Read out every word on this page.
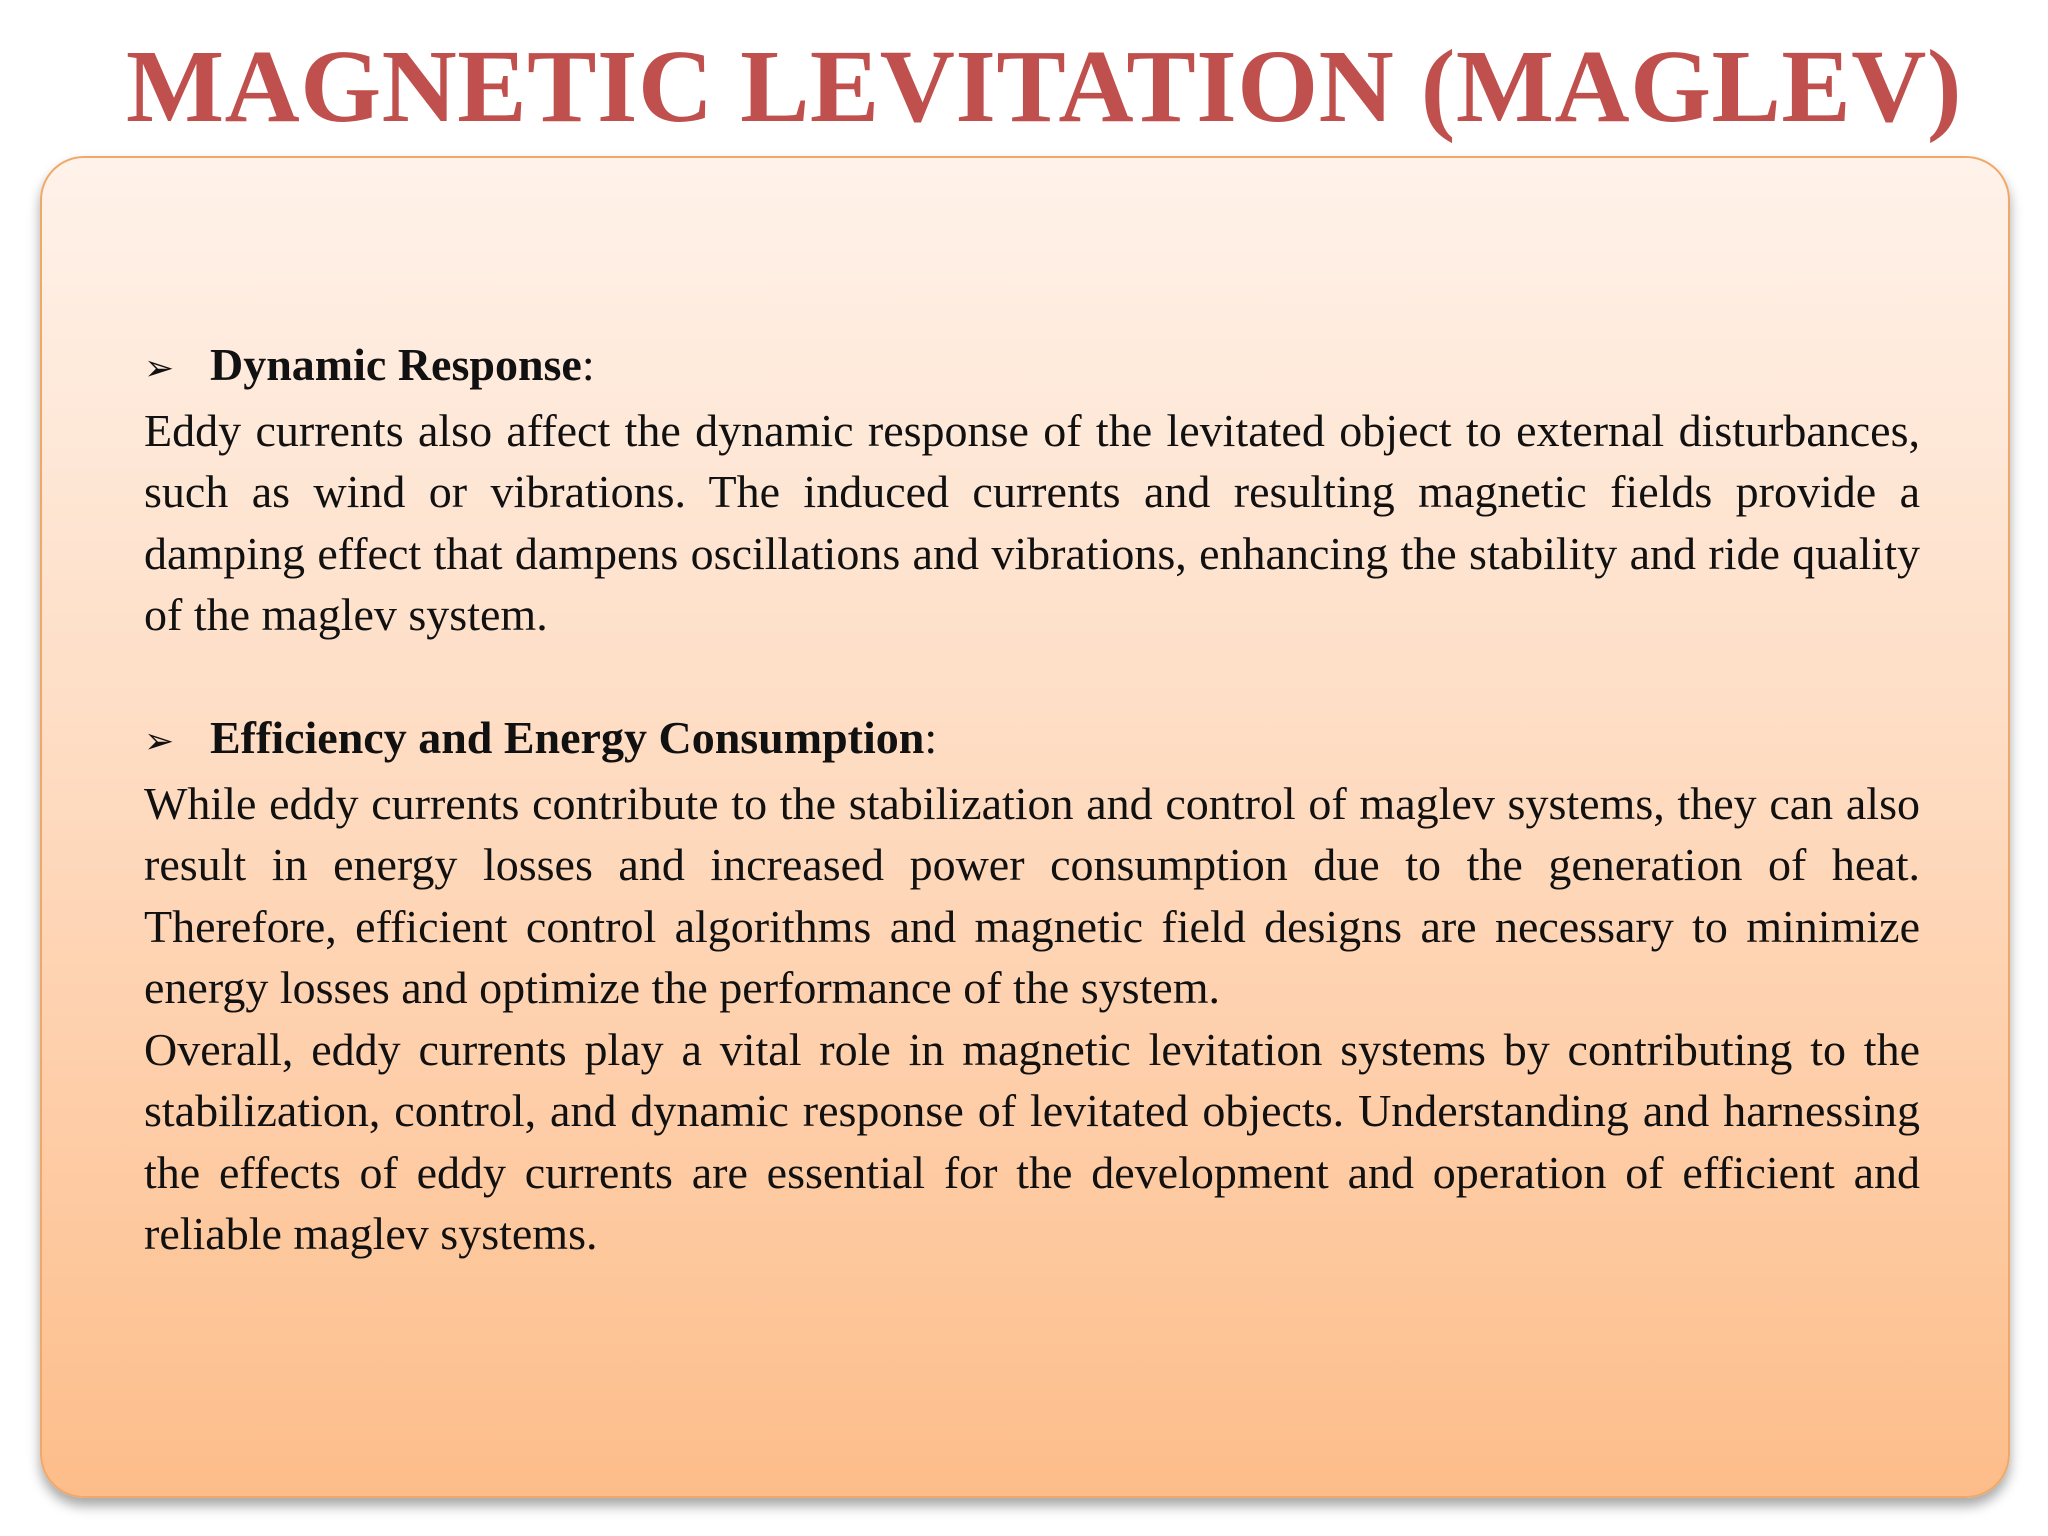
MAGNETIC LEVITATION (MAGLEV)
➢ Dynamic Response :

Eddy currents also affect the dynamic response of the levitated object to external disturbances, such as wind or vibrations. The induced currents and resulting magnetic fields provide a damping effect that dampens oscillations and vibrations, enhancing the stability and ride quality of the maglev system.

➢ Efficiency and Energy Consumption :

While eddy currents contribute to the stabilization and control of maglev systems, they can also result in energy losses and increased power consumption due to the generation of heat. Therefore, efficient control algorithms and magnetic field designs are necessary to minimize energy losses and optimize the performance of the system.

Overall, eddy currents play a vital role in magnetic levitation systems by contributing to the stabilization, control, and dynamic response of levitated objects. Understanding and harnessing the effects of eddy currents are essential for the development and operation of efficient and reliable maglev systems.
